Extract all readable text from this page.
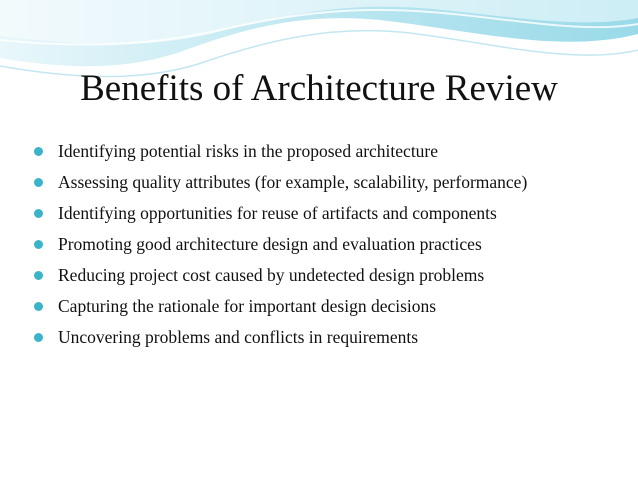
Benefits of Architecture Review
Identifying potential risks in the proposed architecture
Assessing quality attributes (for example, scalability, performance)
Identifying opportunities for reuse of artifacts and components
Promoting good architecture design and evaluation practices
Reducing project cost caused by undetected design problems
Capturing the rationale for important design decisions
Uncovering problems and conflicts in requirements
